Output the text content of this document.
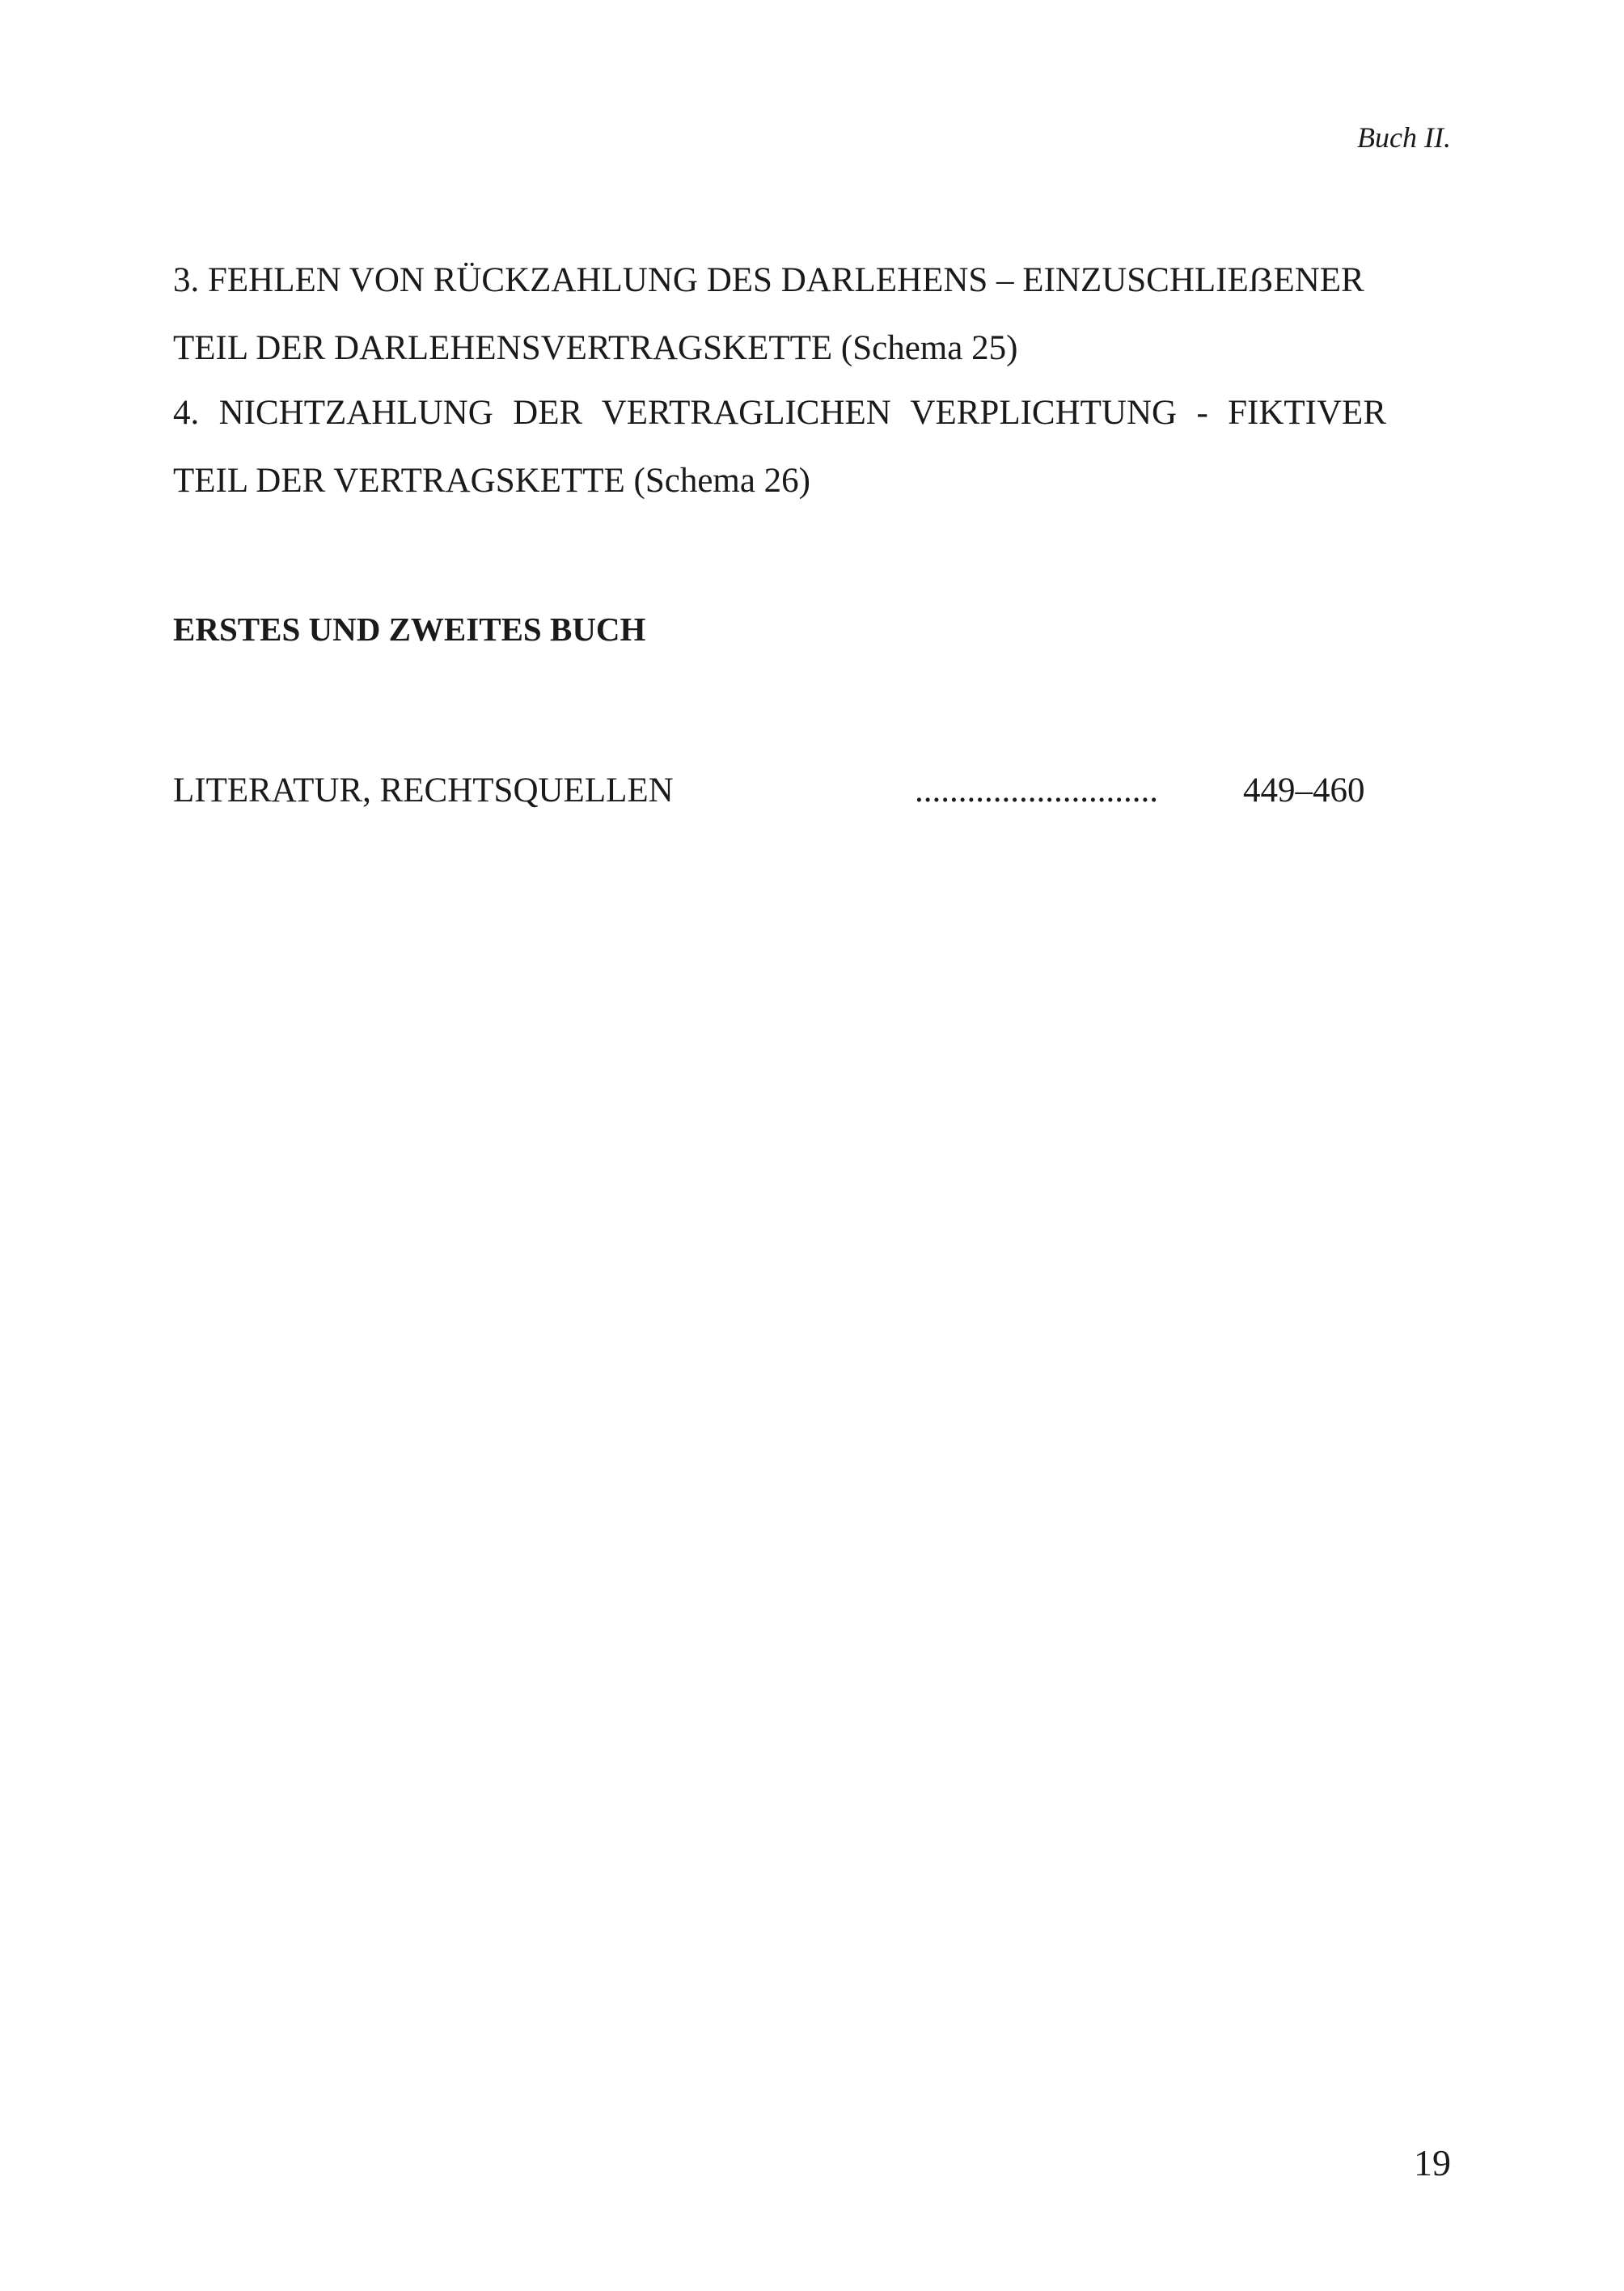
Buch II.
3. FEHLEN VON RÜCKZAHLUNG DES DARLEHENS – EINZUSCHLIEẞENER
TEIL DER DARLEHENSVERTRAGSKETTE (Schema 25)
4. NICHTZAHLUNG DER VERTRAGLICHEN VERPLICHTUNG - FIKTIVER
TEIL DER VERTRAGSKETTE (Schema 26)
ERSTES UND ZWEITES BUCH
LITERATUR, RECHTSQUELLEN	............................ 449–460
19
